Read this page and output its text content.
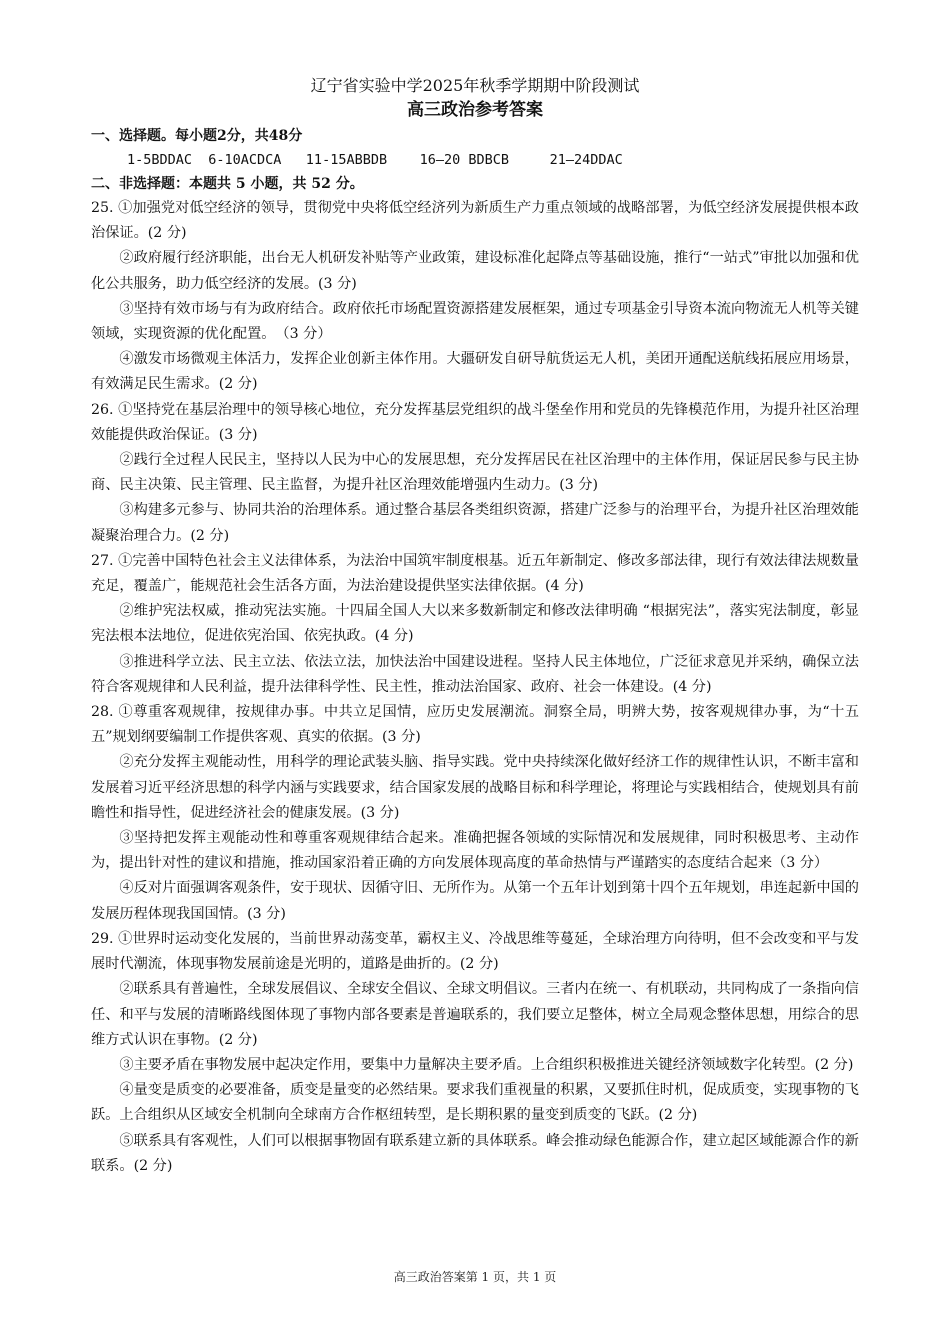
辽宁省实验中学2025年秋季学期期中阶段测试

高三政治参考答案

一、选择题。每小题2分，共48分

1-5BDDAC  6-10ACDCA   11-15ABBDB    16—20 BDBCB     21—24DDAC

二、非选择题：本题共 5 小题，共 52 分。

25. ①加强党对低空经济的领导，贯彻党中央将低空经济列为新质生产力重点领域的战略部署，为低空经济发展提供根本政治保证。(2 分)

②政府履行经济职能，出台无人机研发补贴等产业政策，建设标准化起降点等基础设施，推行“一站式”审批以加强和优化公共服务，助力低空经济的发展。(3 分)

③坚持有效市场与有为政府结合。政府依托市场配置资源搭建发展框架，通过专项基金引导资本流向物流无人机等关键领域，实现资源的优化配置。　（3 分）

④激发市场微观主体活力，发挥企业创新主体作用。大疆研发自研导航货运无人机，美团开通配送航线拓展应用场景，有效满足民生需求。(2 分)

26. ①坚持党在基层治理中的领导核心地位，充分发挥基层党组织的战斗堡垒作用和党员的先锋模范作用，为提升社区治理效能提供政治保证。(3 分)

②践行全过程人民民主，坚持以人民为中心的发展思想，充分发挥居民在社区治理中的主体作用，保证居民参与民主协商、民主决策、民主管理、民主监督，为提升社区治理效能增强内生动力。(3 分)

③构建多元参与、协同共治的治理体系。通过整合基层各类组织资源，搭建广泛参与的治理平台，为提升社区治理效能凝聚治理合力。(2 分)

27. ①完善中国特色社会主义法律体系，为法治中国筑牢制度根基。近五年新制定、修改多部法律，现行有效法律法规数量充足，覆盖广，能规范社会生活各方面，为法治建设提供坚实法律依据。(4 分)

②维护宪法权威，推动宪法实施。十四届全国人大以来多数新制定和修改法律明确 “根据宪法”，落实宪法制度，彰显宪法根本法地位，促进依宪治国、依宪执政。(4 分)

③推进科学立法、民主立法、依法立法，加快法治中国建设进程。坚持人民主体地位，广泛征求意见并采纳，确保立法符合客观规律和人民利益，提升法律科学性、民主性，推动法治国家、政府、社会一体建设。(4 分)

28. ①尊重客观规律，按规律办事。中共立足国情，应历史发展潮流。洞察全局，明辨大势，按客观规律办事，为“十五五”规划纲要编制工作提供客观、真实的依据。(3 分)

②充分发挥主观能动性，用科学的理论武装头脑、指导实践。党中央持续深化做好经济工作的规律性认识，不断丰富和发展着习近平经济思想的科学内涵与实践要求，结合国家发展的战略目标和科学理论，将理论与实践相结合，使规划具有前瞻性和指导性，促进经济社会的健康发展。(3 分)

③坚持把发挥主观能动性和尊重客观规律结合起来。准确把握各领域的实际情况和发展规律，同时积极思考、主动作为，提出针对性的建议和措施，推动国家沿着正确的方向发展体现高度的革命热情与严谨踏实的态度结合起来（3 分）

④反对片面强调客观条件，安于现状、因循守旧、无所作为。从第一个五年计划到第十四个五年规划，串连起新中国的发展历程体现我国国情。(3 分)

29. ①世界时运动变化发展的，当前世界动荡变革，霸权主义、冷战思维等蔓延，全球治理方向待明，但不会改变和平与发展时代潮流，体现事物发展前途是光明的，道路是曲折的。(2 分)

②联系具有普遍性，全球发展倡议、全球安全倡议、全球文明倡议。三者内在统一、有机联动，共同构成了一条指向信任、和平与发展的清晰路线图体现了事物内部各要素是普遍联系的，我们要立足整体，树立全局观念整体思想，用综合的思维方式认识在事物。(2 分)

③主要矛盾在事物发展中起决定作用，要集中力量解决主要矛盾。上合组织积极推进关键经济领域数字化转型。(2 分)

④量变是质变的必要准备，质变是量变的必然结果。要求我们重视量的积累，又要抓住时机，促成质变，实现事物的飞跃。上合组织从区域安全机制向全球南方合作枢纽转型，是长期积累的量变到质变的飞跃。(2 分)

⑤联系具有客观性，人们可以根据事物固有联系建立新的具体联系。峰会推动绿色能源合作，建立起区域能源合作的新联系。(2 分)

高三政治答案第 1 页，共 1 页
